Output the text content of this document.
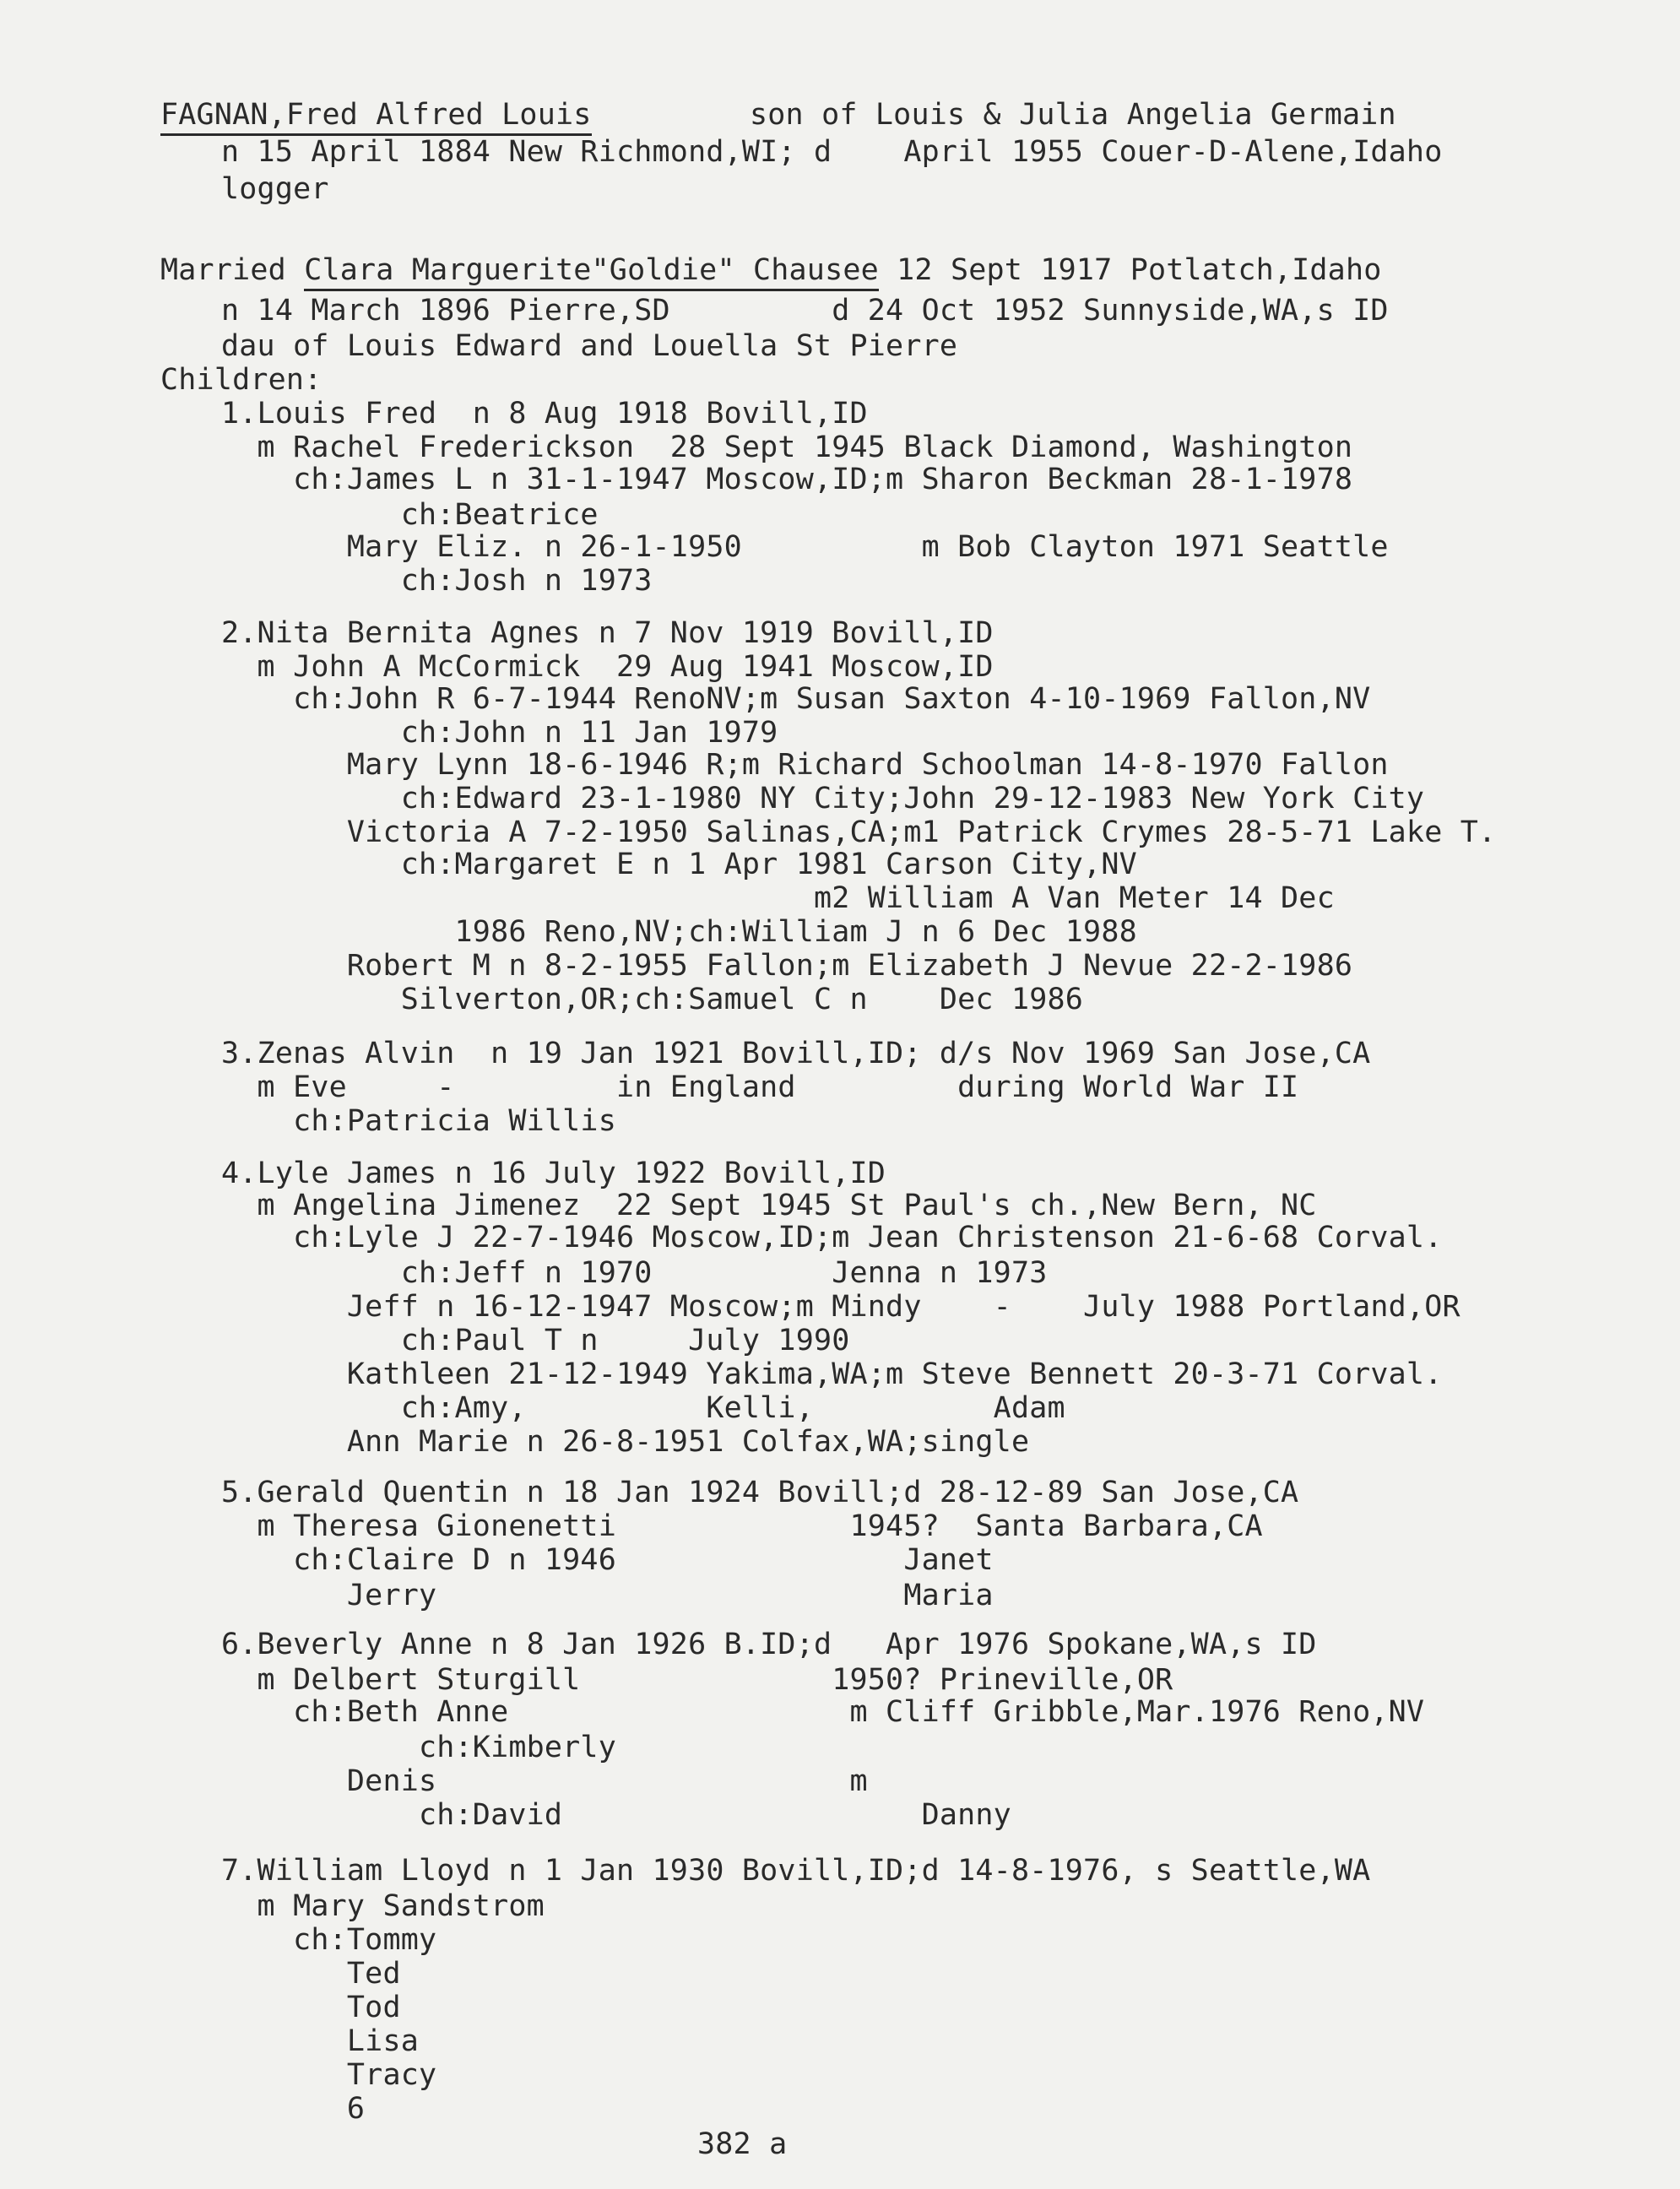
FAGNAN,Fred Alfred Louis	son of Louis & Julia Angelia Germain
n 15 April 1884 New Richmond,WI; d    April 1955 Couer-D-Alene,Idaho
logger
Married Clara Marguerite"Goldie" Chausee 12 Sept 1917 Potlatch,Idaho
n 14 March 1896 Pierre,SD         d 24 Oct 1952 Sunnyside,WA,s ID
dau of Louis Edward and Louella St Pierre
Children:
1.Louis Fred  n 8 Aug 1918 Bovill,ID
m Rachel Frederickson  28 Sept 1945 Black Diamond, Washington
ch:James L n 31-1-1947 Moscow,ID;m Sharon Beckman 28-1-1978
ch:Beatrice
Mary Eliz. n 26-1-1950          m Bob Clayton 1971 Seattle
ch:Josh n 1973
2.Nita Bernita Agnes n 7 Nov 1919 Bovill,ID
m John A McCormick  29 Aug 1941 Moscow,ID
ch:John R 6-7-1944 RenoNV;m Susan Saxton 4-10-1969 Fallon,NV
ch:John n 11 Jan 1979
Mary Lynn 18-6-1946 R;m Richard Schoolman 14-8-1970 Fallon
ch:Edward 23-1-1980 NY City;John 29-12-1983 New York City
Victoria A 7-2-1950 Salinas,CA;m1 Patrick Crymes 28-5-71 Lake T.
ch:Margaret E n 1 Apr 1981 Carson City,NV
m2 William A Van Meter 14 Dec
1986 Reno,NV;ch:William J n 6 Dec 1988
Robert M n 8-2-1955 Fallon;m Elizabeth J Nevue 22-2-1986
Silverton,OR;ch:Samuel C n    Dec 1986
3.Zenas Alvin  n 19 Jan 1921 Bovill,ID; d/s Nov 1969 San Jose,CA
m Eve     -         in England         during World War II
ch:Patricia Willis
4.Lyle James n 16 July 1922 Bovill,ID
m Angelina Jimenez  22 Sept 1945 St Paul's ch.,New Bern, NC
ch:Lyle J 22-7-1946 Moscow,ID;m Jean Christenson 21-6-68 Corval.
ch:Jeff n 1970          Jenna n 1973
Jeff n 16-12-1947 Moscow;m Mindy    -    July 1988 Portland,OR
ch:Paul T n     July 1990
Kathleen 21-12-1949 Yakima,WA;m Steve Bennett 20-3-71 Corval.
ch:Amy,          Kelli,          Adam
Ann Marie n 26-8-1951 Colfax,WA;single
5.Gerald Quentin n 18 Jan 1924 Bovill;d 28-12-89 San Jose,CA
m Theresa Gionenetti             1945?  Santa Barbara,CA
ch:Claire D n 1946                Janet
Jerry                          Maria
6.Beverly Anne n 8 Jan 1926 B.ID;d   Apr 1976 Spokane,WA,s ID
m Delbert Sturgill              1950? Prineville,OR
ch:Beth Anne                   m Cliff Gribble,Mar.1976 Reno,NV
ch:Kimberly
Denis                       m
ch:David                    Danny
7.William Lloyd n 1 Jan 1930 Bovill,ID;d 14-8-1976, s Seattle,WA
m Mary Sandstrom
ch:Tommy
Ted
Tod
Lisa
Tracy
6
382 a
